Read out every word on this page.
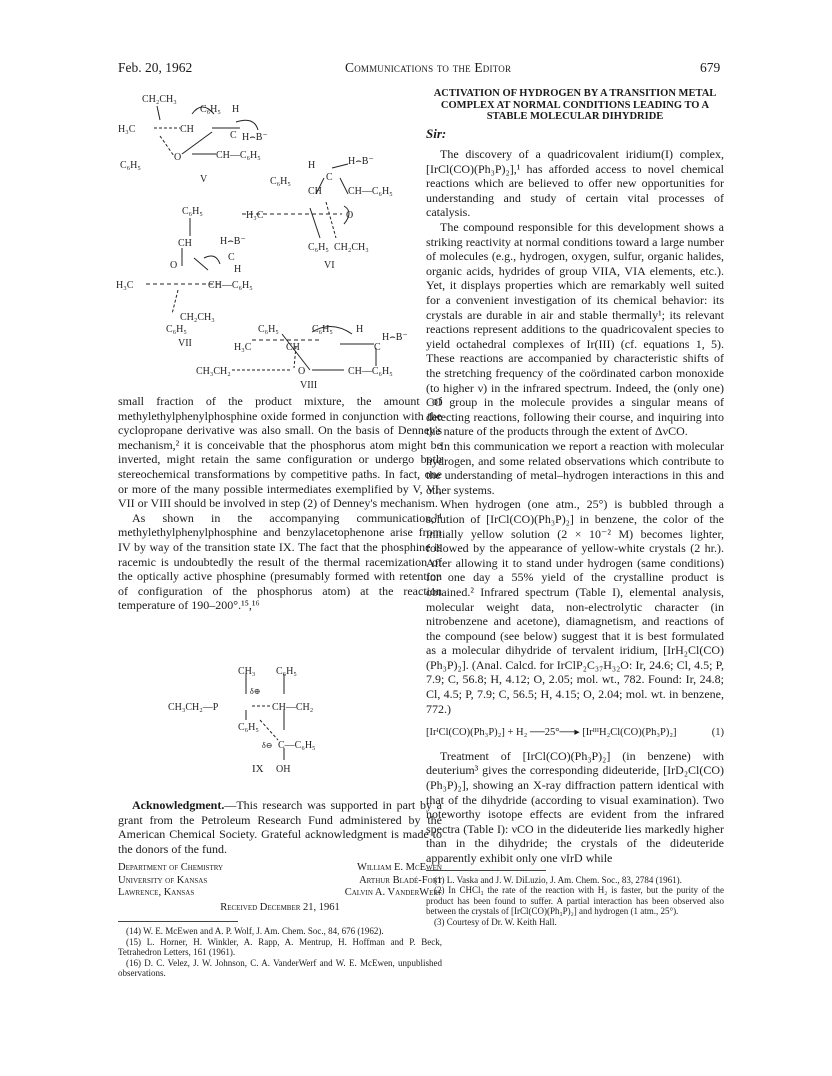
Feb. 20, 1962	Communications to the Editor	679
CH₂CH₃
C₆H₅ H
H₃C	CH
C H⌢B⁻
C₆H₅
O	CH—C₆H₅
V
H	H⌢B⁻
C
C₆H₅
CH	CH—C₆H₅
H₃C	O
C₆H₅ CH₂CH₃
VI
C₆H₅
CH	H⌢B⁻
C
H
O
H₃C	CH—C₆H₅
CH₂CH₃
C₆H₅
VII
C₆H₅	C₆H₅ H
H⌢B⁻
H₃C	CH	C
CH₃CH₂	O	CH—C₆H₅
VIII

small fraction of the product mixture, the amount of methylethylphenylphosphine oxide formed in conjunction with the cyclopropane derivative was also small. On the basis of Denney's mechanism,² it is conceivable that the phosphorus atom might be inverted, might retain the same configuration or undergo both stereochemical transformations by competitive paths. In fact, one or more of the many possible intermediates exemplified by V, VI, VII or VIII should be involved in step (2) of Denney's mechanism.

As shown in the accompanying communication,¹⁴ methylethylphenylphosphine and benzylacetophenone arise from IV by way of the transition state IX. The fact that the phosphine is racemic is undoubtedly the result of the thermal racemization of the optically active phosphine (presumably formed with retention of configuration of the phosphorus atom) at the reaction temperature of 190–200°.¹⁵,¹⁶

CH₃ C₆H₅
δ⊕
CH₃CH₂—P	CH—CH₂
C₆H₅
δ⊖ C—C₆H₅
OH
IX

Acknowledgment.—This research was supported in part by a grant from the Petroleum Research Fund administered by the American Chemical Society. Grateful acknowledgment is made to the donors of the fund.

Department of Chemistry	William E. McEwen
University of Kansas	Arthur Bladé-Font
Lawrence, Kansas	Calvin A. VanderWerf
Received December 21, 1961

(14) W. E. McEwen and A. P. Wolf, J. Am. Chem. Soc., 84, 676 (1962).

(15) L. Horner, H. Winkler, A. Rapp, A. Mentrup, H. Hoffman and P. Beck, Tetrahedron Letters, 161 (1961).

(16) D. C. Velez, J. W. Johnson, C. A. VanderWerf and W. E. McEwen, unpublished observations.

ACTIVATION OF HYDROGEN BY A TRANSITION METAL COMPLEX AT NORMAL CONDITIONS LEADING TO A STABLE MOLECULAR DIHYDRIDE

Sir:

The discovery of a quadricovalent iridium(I) complex, [IrCl(CO)(Ph₃P)₂],¹ has afforded access to novel chemical reactions which are believed to offer new opportunities for understanding and study of certain vital processes of catalysis.

The compound responsible for this development shows a striking reactivity at normal conditions toward a large number of molecules (e.g., hydrogen, oxygen, sulfur, organic halides, organic acids, hydrides of group VIIA, VIA elements, etc.). Yet, it displays properties which are remarkably well suited for a convenient investigation of its chemical behavior: its crystals are durable in air and stable thermally¹; its relevant reactions represent additions to the quadricovalent species to yield octahedral complexes of Ir(III) (cf. equations 1, 5). These reactions are accompanied by characteristic shifts of the stretching frequency of the coördinated carbon monoxide (to higher ν) in the infrared spectrum. Indeed, the (only one) CO group in the molecule provides a singular means of detecting reactions, following their course, and inquiring into the nature of the products through the extent of ΔνCO.

In this communication we report a reaction with molecular hydrogen, and some related observations which contribute to the understanding of metal–hydrogen interactions in this and other systems.

When hydrogen (one atm., 25°) is bubbled through a solution of [IrCl(CO)(Ph₃P)₂] in benzene, the color of the initially yellow solution (2 × 10⁻² M) becomes lighter, followed by the appearance of yellow-white crystals (2 hr.). After allowing it to stand under hydrogen (same conditions) for one day a 55% yield of the crystalline product is obtained.² Infrared spectrum (Table I), elemental analysis, molecular weight data, non-electrolytic character (in nitrobenzene and acetone), diamagnetism, and reactions of the compound (see below) suggest that it is best formulated as a molecular dihydride of tervalent iridium, [IrH₂Cl(CO)(Ph₃P)₂]. (Anal. Calcd. for IrClP₂C₃₇H₃₂O: Ir, 24.6; Cl, 4.5; P, 7.9; C, 56.8; H, 4.12; O, 2.05; mol. wt., 782. Found: Ir, 24.8; Cl, 4.5; P, 7.9; C, 56.5; H, 4.15; O, 2.04; mol. wt. in benzene, 772.)

[IrᴵCl(CO)(Ph₃P)₂] + H₂ ──25°──▸ [IrᴵᴵᴵH₂Cl(CO)(Ph₃P)₂]	(1)

Treatment of [IrCl(CO)(Ph₃P)₂] (in benzene) with deuterium³ gives the corresponding dideuteride, [IrD₂Cl(CO)(Ph₃P)₂], showing an X-ray diffraction pattern identical with that of the dihydride (according to visual examination). Two noteworthy isotope effects are evident from the infrared spectra (Table I): νCO in the dideuteride lies markedly higher than in the dihydride; the crystals of the dideuteride apparently exhibit only one νIrD while

(1) L. Vaska and J. W. DiLuzio, J. Am. Chem. Soc., 83, 2784 (1961).

(2) In CHCl₃ the rate of the reaction with H₂ is faster, but the purity of the product has been found to suffer. A partial interaction has been observed also between the crystals of [IrCl(CO)(Ph₃P)₂] and hydrogen (1 atm., 25°).

(3) Courtesy of Dr. W. Keith Hall.
